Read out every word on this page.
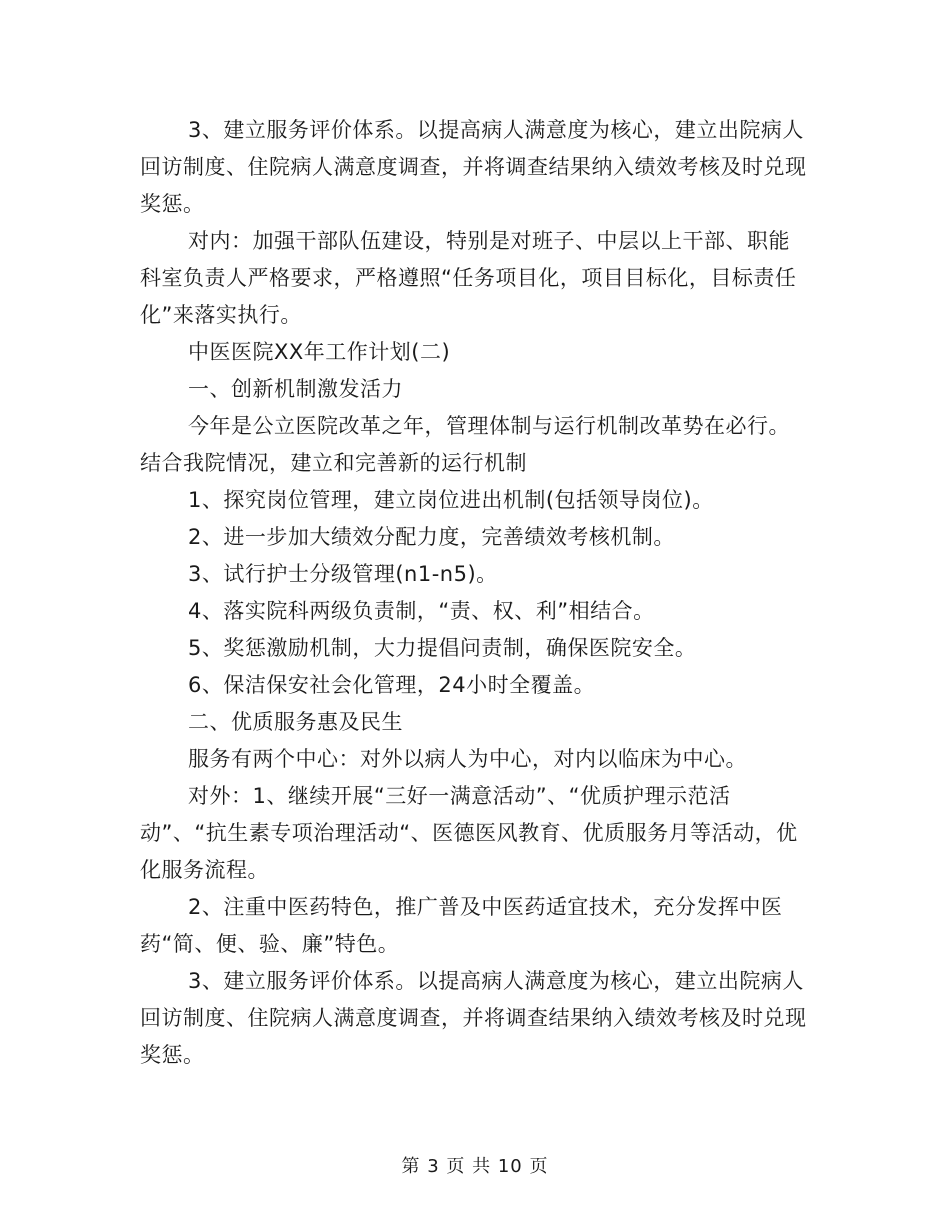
3、建立服务评价体系。以提高病人满意度为核心，建立出院病人回访制度、住院病人满意度调查，并将调查结果纳入绩效考核及时兑现奖惩。

对内：加强干部队伍建设，特别是对班子、中层以上干部、职能科室负责人严格要求，严格遵照“任务项目化，项目目标化，目标责任化”来落实执行。

中医医院XX年工作计划(二)

一、创新机制激发活力

今年是公立医院改革之年，管理体制与运行机制改革势在必行。结合我院情况，建立和完善新的运行机制

1、探究岗位管理，建立岗位进出机制(包括领导岗位)。

2、进一步加大绩效分配力度，完善绩效考核机制。

3、试行护士分级管理(n1-n5)。

4、落实院科两级负责制，“责、权、利”相结合。

5、奖惩激励机制，大力提倡问责制，确保医院安全。

6、保洁保安社会化管理，24小时全覆盖。

二、优质服务惠及民生

服务有两个中心：对外以病人为中心，对内以临床为中心。

对外：1、继续开展“三好一满意活动”、“优质护理示范活动”、“抗生素专项治理活动“、医德医风教育、优质服务月等活动，优化服务流程。

2、注重中医药特色，推广普及中医药适宜技术，充分发挥中医药“简、便、验、廉”特色。

3、建立服务评价体系。以提高病人满意度为核心，建立出院病人回访制度、住院病人满意度调查，并将调查结果纳入绩效考核及时兑现奖惩。

第 3 页 共 10 页
